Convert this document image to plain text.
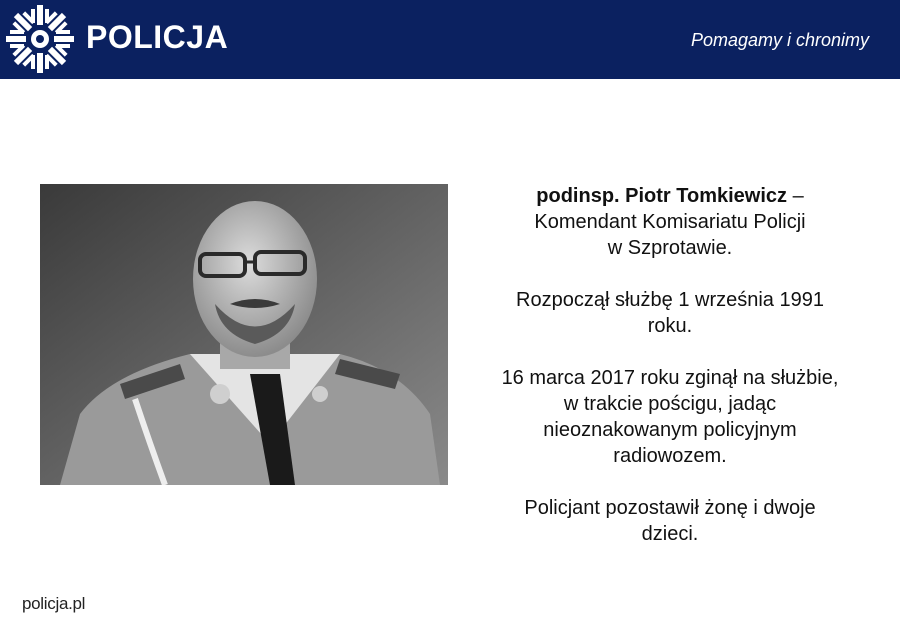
POLICJA	Pomagamy i chronimy

podinsp. Piotr Tomkiewicz –

Komendant Komisariatu Policji

w Szprotawie.

Rozpoczął służbę 1 września 1991

roku.

16 marca 2017 roku zginął na służbie,

w trakcie pościgu, jadąc

nieoznakowanym policyjnym

radiowozem.

Policjant pozostawił żonę i dwoje

dzieci.

policja.pl
